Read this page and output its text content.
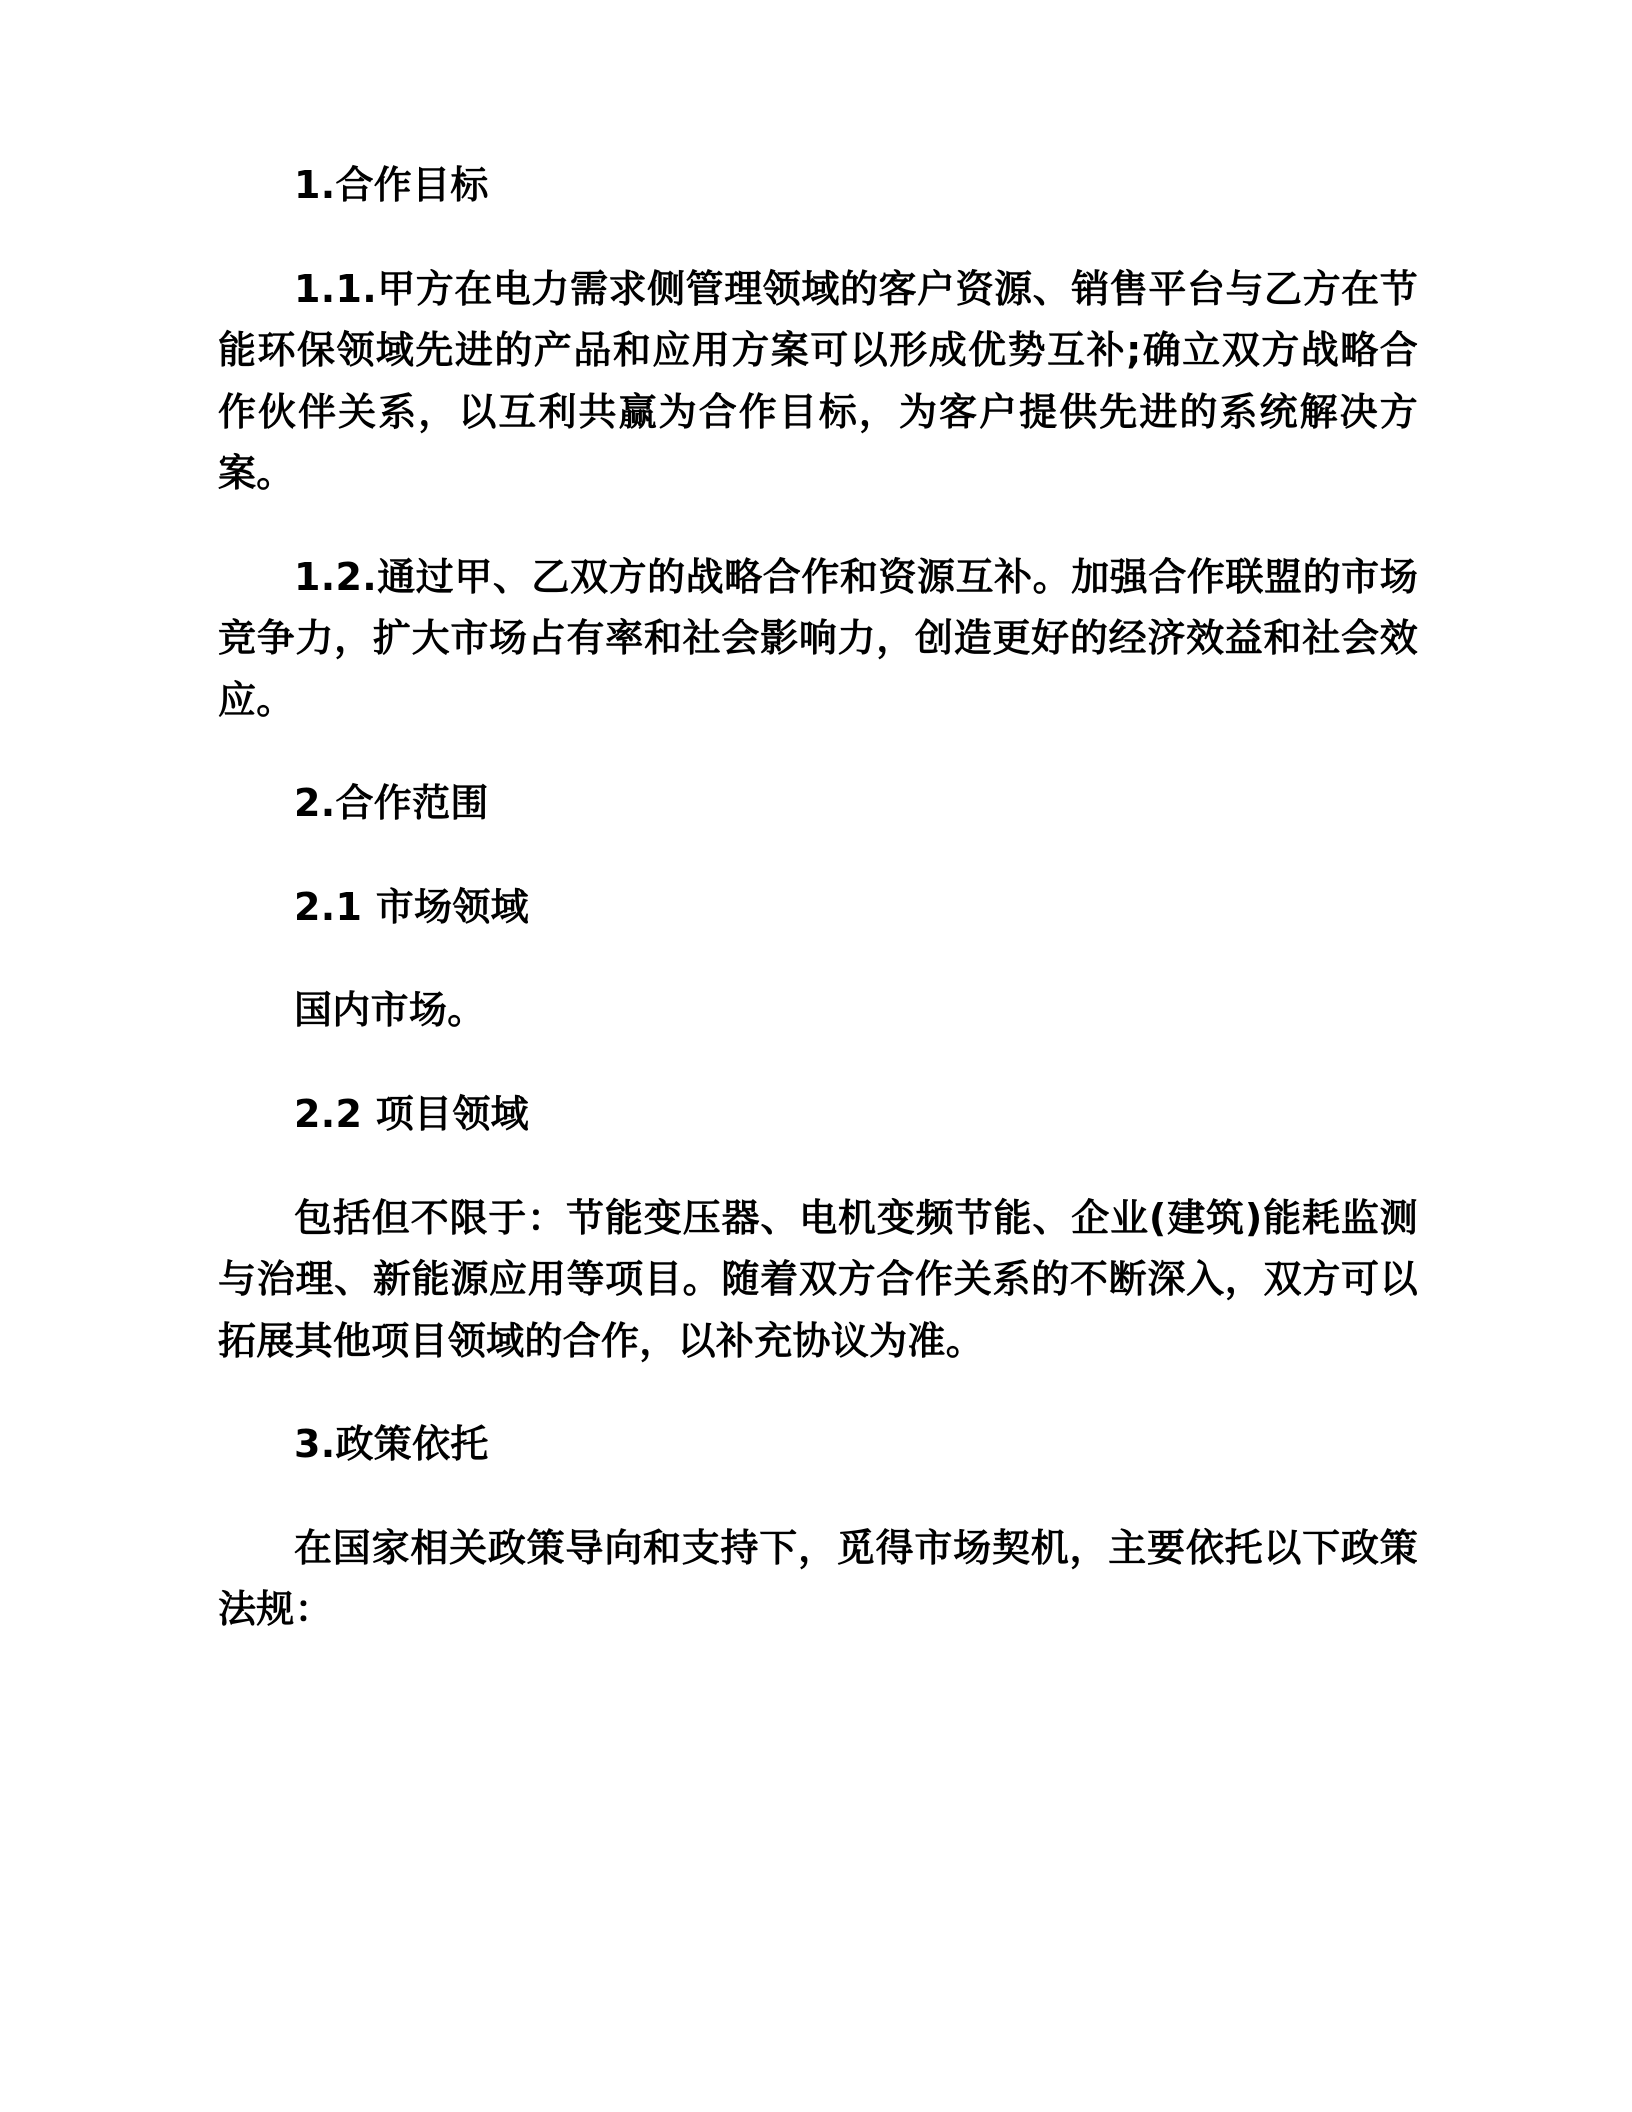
1.合作目标

1.1.甲方在电力需求侧管理领域的客户资源、销售平台与乙方在节能环保领域先进的产品和应用方案可以形成优势互补;确立双方战略合作伙伴关系，以互利共赢为合作目标，为客户提供先进的系统解决方案。

1.2.通过甲、乙双方的战略合作和资源互补。加强合作联盟的市场竞争力，扩大市场占有率和社会影响力，创造更好的经济效益和社会效应。

2.合作范围

2.1 市场领域

国内市场。

2.2 项目领域

包括但不限于：节能变压器、电机变频节能、企业(建筑)能耗监测与治理、新能源应用等项目。随着双方合作关系的不断深入，双方可以拓展其他项目领域的合作，以补充协议为准。

3.政策依托

在国家相关政策导向和支持下，觅得市场契机，主要依托以下政策法规：
